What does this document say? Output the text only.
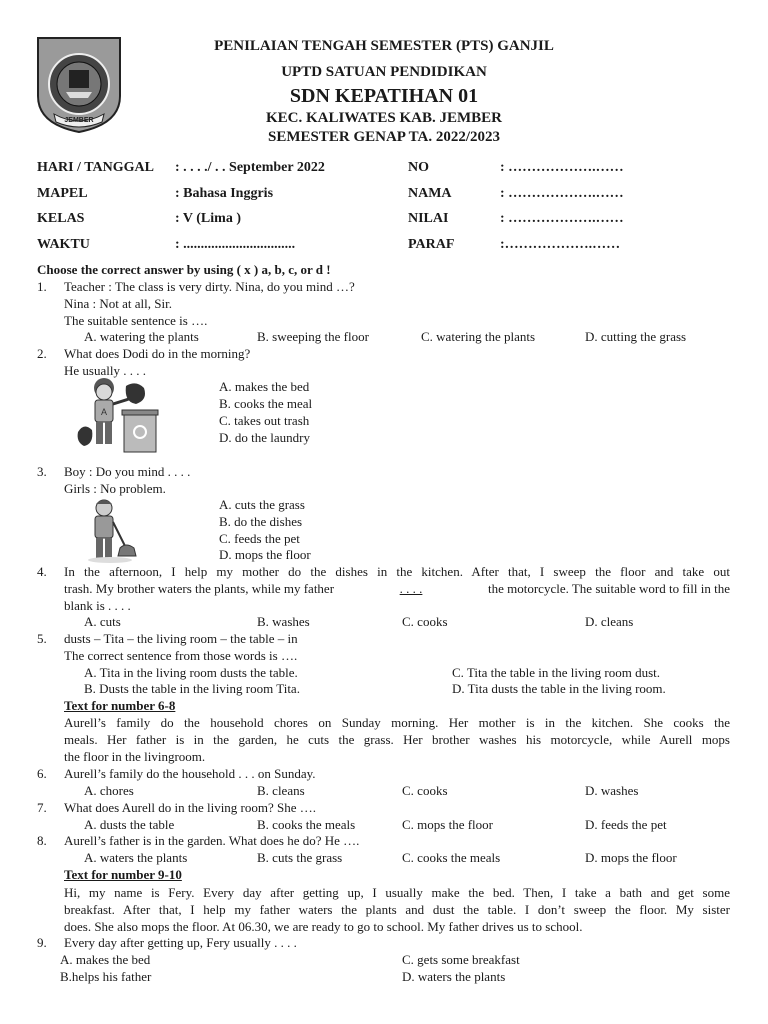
JEMBER
PENILAIAN TENGAH SEMESTER (PTS) GANJIL
UPTD SATUAN PENDIDIKAN
SDN KEPATIHAN 01
KEC. KALIWATES KAB. JEMBER
SEMESTER GENAP TA. 2022/2023
HARI / TANGGAL : . . . ./ . . September 2022	NO	: ……………….……
MAPEL	: Bahasa Inggris	NAMA	: ……………….……
KELAS	: V (Lima )	NILAI	: ……………….……
WAKTU	: ................................	PARAF	:……………….……
Choose the correct answer by using ( x ) a, b, c, or d !
1. Teacher : The class is very dirty. Nina, do you mind …?
Nina : Not at all, Sir.
The suitable sentence is ….
A. watering the plants	B. sweeping the floor	C. watering the plants	D. cutting the grass
2. What does Dodi do in the morning?
He usually . . . .
A
A. makes the bed
B. cooks the meal
C. takes out trash
D. do the laundry
3. Boy : Do you mind . . . .
Girls : No problem.
A. cuts the grass
B. do the dishes
C. feeds the pet
D. mops the floor
4. In the afternoon, I help my mother do the dishes in the kitchen. After that, I sweep the floor and take out
trash. My brother waters the plants, while my father	. . . .	the motorcycle. The suitable word to fill in the
blank is . . . .
A. cuts	B. washes	C. cooks	D. cleans
5. dusts – Tita – the living room – the table – in
The correct sentence from those words is ….
A. Tita in the living room dusts the table.	C. Tita the table in the living room dust.
B. Dusts the table in the living room Tita.	D. Tita dusts the table in the living room.
Text for number 6-8
Aurell’s family do the household chores on Sunday morning. Her mother is in the kitchen. She cooks the
meals. Her father is in the garden, he cuts the grass. Her brother washes his motorcycle, while Aurell mops
the floor in the livingroom.
6. Aurell’s family do the household . . . on Sunday.
A. chores	B. cleans	C. cooks	D. washes
7. What does Aurell do in the living room? She ….
A. dusts the table	B. cooks the meals	C. mops the floor	D. feeds the pet
8. Aurell’s father is in the garden. What does he do? He ….
A. waters the plants	B. cuts the grass	C. cooks the meals	D. mops the floor
Text for number 9-10
Hi, my name is Fery. Every day after getting up, I usually make the bed. Then, I take a bath and get some
breakfast. After that, I help my father waters the plants and dust the table. I don’t sweep the floor. My sister
does. She also mops the floor. At 06.30, we are ready to go to school. My father drives us to school.
9. Every day after getting up, Fery usually . . . .
A. makes the bed	C. gets some breakfast
B.helps his father	D. waters the plants
